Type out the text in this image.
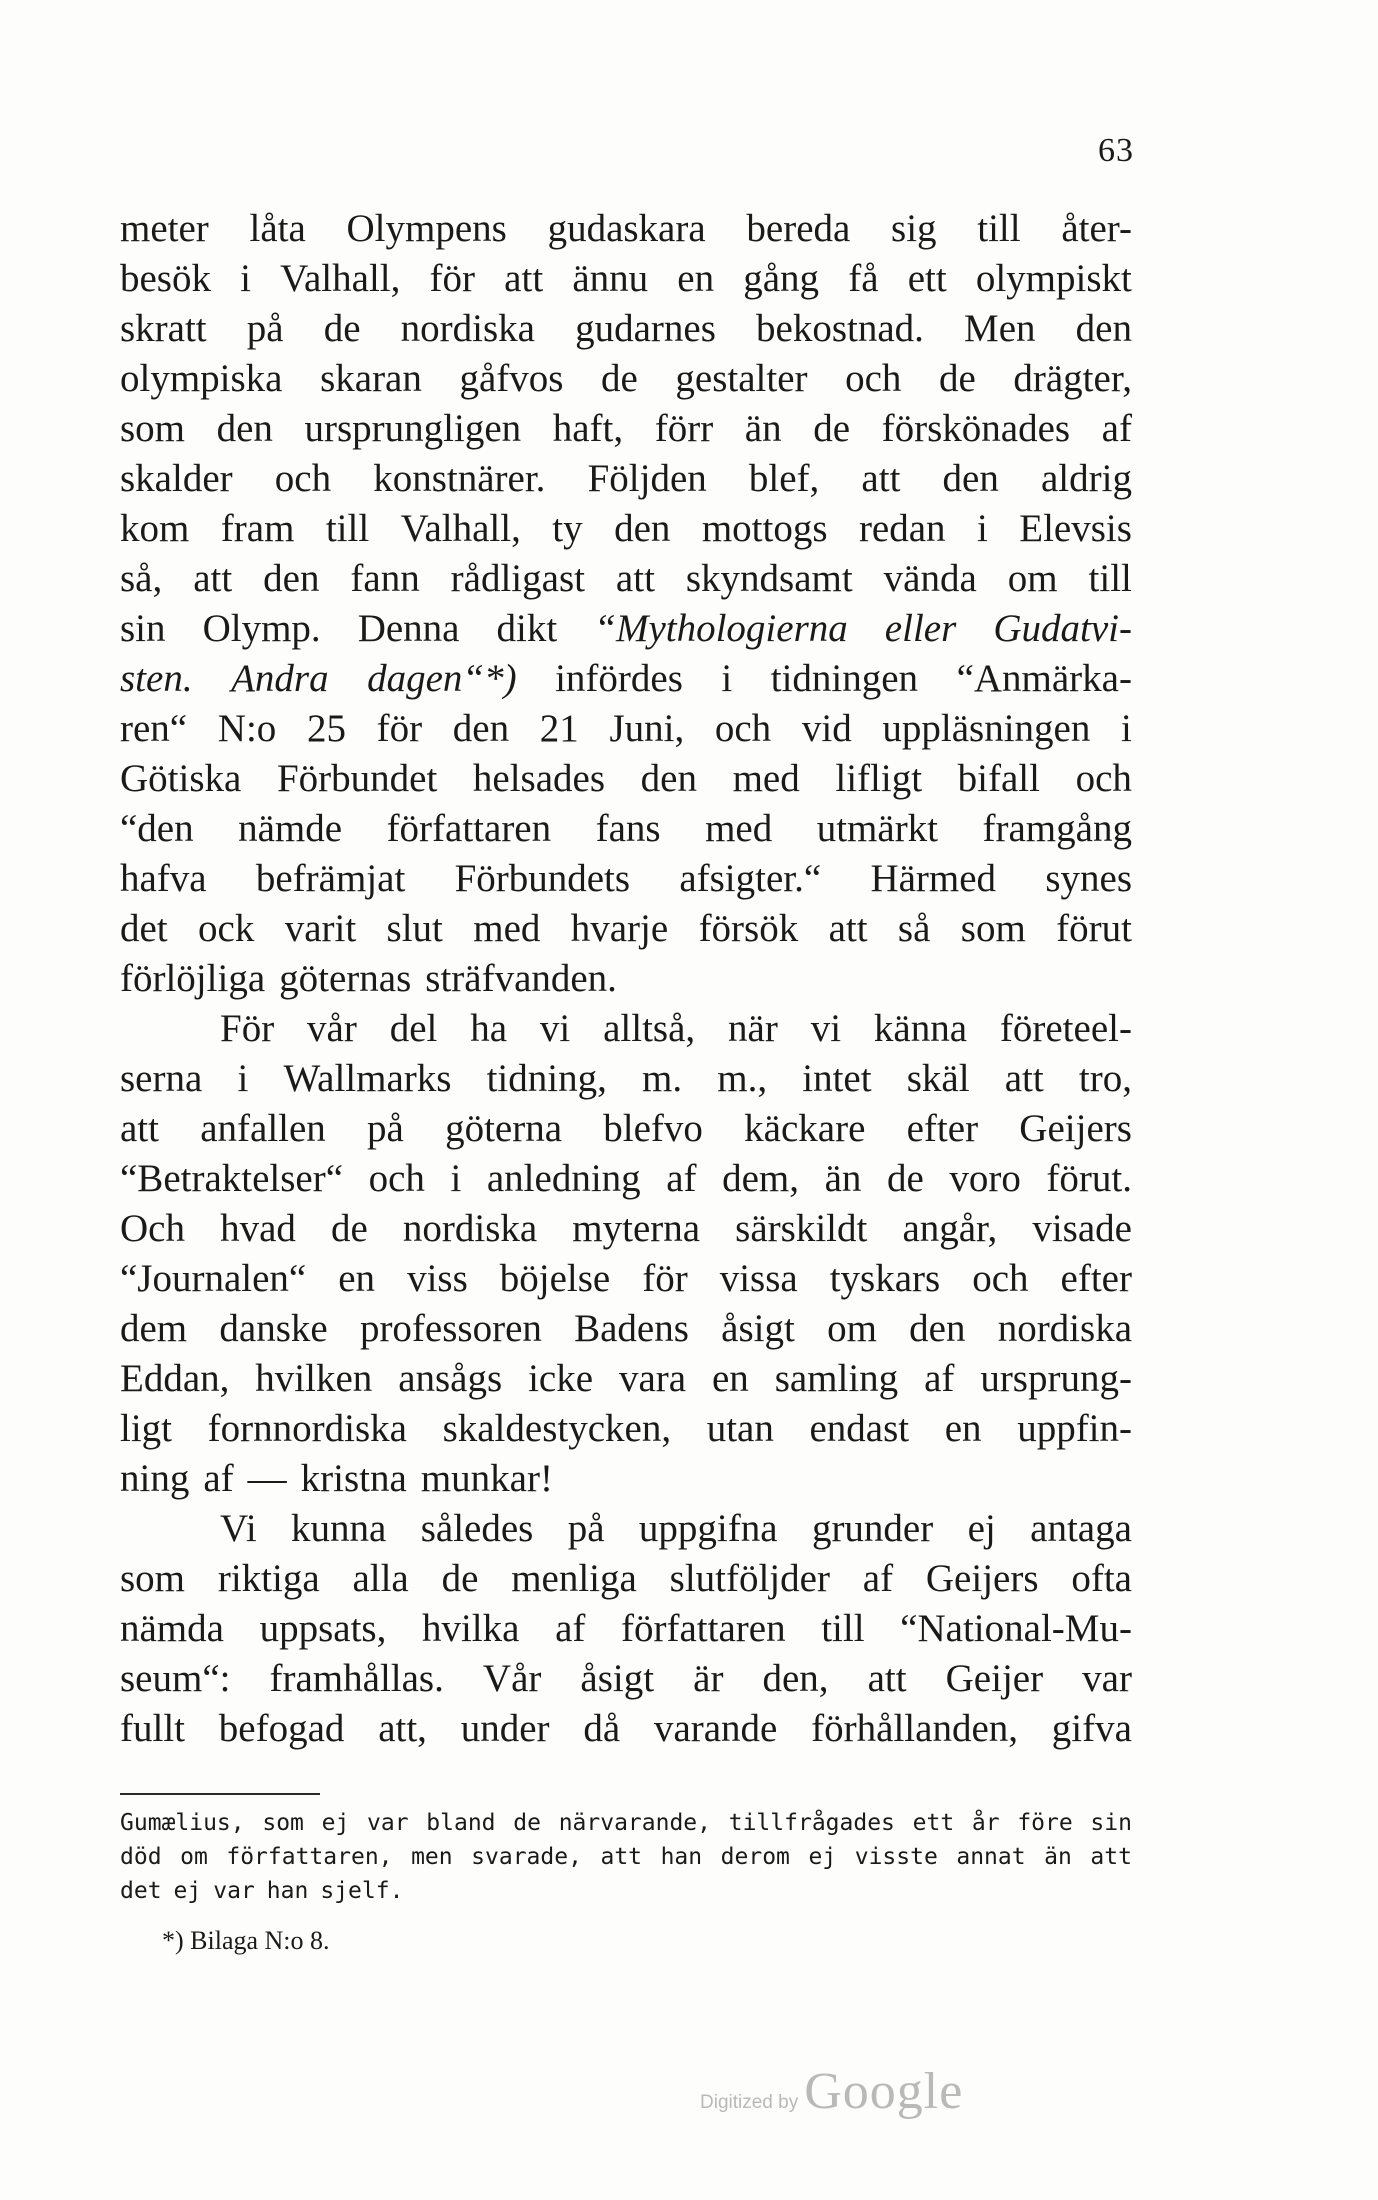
63
meter låta Olympens gudaskara bereda sig till åter-
besök i Valhall, för att ännu en gång få ett olympiskt
skratt på de nordiska gudarnes bekostnad. Men den
olympiska skaran gåfvos de gestalter och de drägter,
som den ursprungligen haft, förr än de förskönades af
skalder och konstnärer. Följden blef, att den aldrig
kom fram till Valhall, ty den mottogs redan i Elevsis
så, att den fann rådligast att skyndsamt vända om till
sin Olymp. Denna dikt “Mythologierna eller Gudatvi-
sten. Andra dagen“*) infördes i tidningen “Anmärka-
ren“ N:o 25 för den 21 Juni, och vid uppläsningen i
Götiska Förbundet helsades den med lifligt bifall och
“den nämde författaren fans med utmärkt framgång
hafva befrämjat Förbundets afsigter.“ Härmed synes
det ock varit slut med hvarje försök att så som förut
förlöjliga göternas sträfvanden.
För vår del ha vi alltså, när vi känna företeel-
serna i Wallmarks tidning, m. m., intet skäl att tro,
att anfallen på göterna blefvo käckare efter Geijers
“Betraktelser“ och i anledning af dem, än de voro förut.
Och hvad de nordiska myterna särskildt angår, visade
“Journalen“ en viss böjelse för vissa tyskars och efter
dem danske professoren Badens åsigt om den nordiska
Eddan, hvilken ansågs icke vara en samling af ursprung-
ligt fornnordiska skaldestycken, utan endast en uppfin-
ning af — kristna munkar!
Vi kunna således på uppgifna grunder ej antaga
som riktiga alla de menliga slutföljder af Geijers ofta
nämda uppsats, hvilka af författaren till “National-Mu-
seum“: framhållas. Vår åsigt är den, att Geijer var
fullt befogad att, under då varande förhållanden, gifva
Gumælius, som ej var bland de närvarande, tillfrågades ett år före sin
död om författaren, men svarade, att han derom ej visste annat än att
det ej var han sjelf.
*) Bilaga N:o 8.
Digitized by Google
